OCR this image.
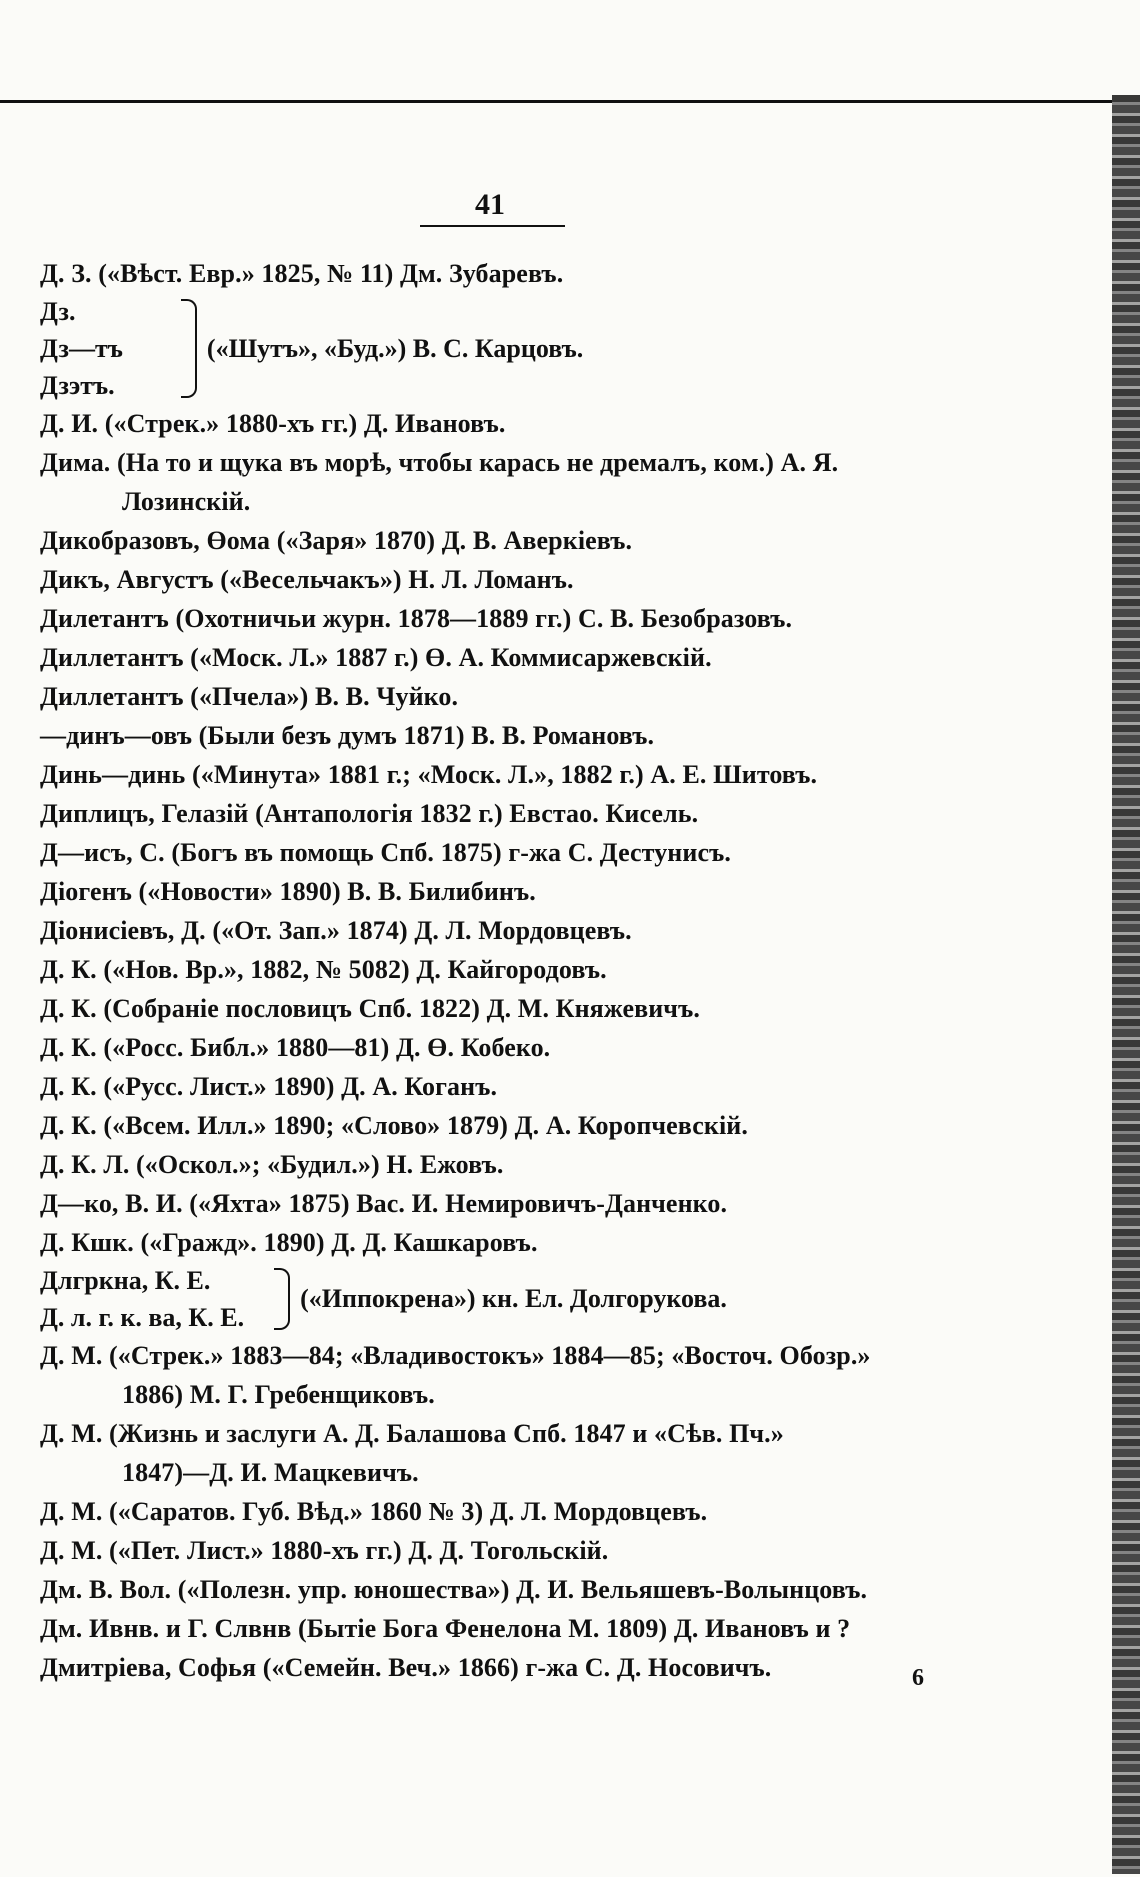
41
Д. З. («Вѣст. Евр.» 1825, № 11) Дм. Зубаревъ.
Дз.
Дз—тъ
Дзэтъ.
(«Шутъ», «Буд.») В. С. Карцовъ.
Д. И. («Стрек.» 1880-хъ гг.) Д. Ивановъ.
Дима. (На то и щука въ морѣ, чтобы карась не дремалъ, ком.) А. Я.
Лозинскій.
Дикобразовъ, Өома («Заря» 1870) Д. В. Аверкіевъ.
Дикъ, Августъ («Весельчакъ») Н. Л. Ломанъ.
Дилетантъ (Охотничьи журн. 1878—1889 гг.) С. В. Безобразовъ.
Диллетантъ («Моск. Л.» 1887 г.) Ө. А. Коммисаржевскій.
Диллетантъ («Пчела») В. В. Чуйко.
—динъ—овъ (Были безъ думъ 1871) В. В. Романовъ.
Динь—динь («Минута» 1881 г.; «Моск. Л.», 1882 г.) А. Е. Шитовъ.
Диплицъ, Гелазій (Антапологія 1832 г.) Евстао. Кисель.
Д—исъ, С. (Богъ въ помощь Спб. 1875) г-жа С. Дестунисъ.
Діогенъ («Новости» 1890) В. В. Билибинъ.
Діонисіевъ, Д. («От. Зап.» 1874) Д. Л. Мордовцевъ.
Д. К. («Нов. Вр.», 1882, № 5082) Д. Кайгородовъ.
Д. К. (Собраніе пословицъ Спб. 1822) Д. М. Княжевичъ.
Д. К. («Росс. Библ.» 1880—81) Д. Ө. Кобеко.
Д. К. («Русс. Лист.» 1890) Д. А. Коганъ.
Д. К. («Всем. Илл.» 1890; «Слово» 1879) Д. А. Коропчевскій.
Д. К. Л. («Оскол.»; «Будил.») Н. Ежовъ.
Д—ко, В. И. («Яхта» 1875) Вас. И. Немировичъ-Данченко.
Д. Кшк. («Гражд». 1890) Д. Д. Кашкаровъ.
Длгркна, К. Е.
Д. л. г. к. ва, К. Е.
(«Иппокрена») кн. Ел. Долгорукова.
Д. М. («Стрек.» 1883—84; «Владивостокъ» 1884—85; «Восточ. Обозр.»
1886) М. Г. Гребенщиковъ.
Д. М. (Жизнь и заслуги А. Д. Балашова Спб. 1847 и «Сѣв. Пч.»
1847)—Д. И. Мацкевичъ.
Д. М. («Саратов. Губ. Вѣд.» 1860 № 3) Д. Л. Мордовцевъ.
Д. М. («Пет. Лист.» 1880-хъ гг.) Д. Д. Тогольскій.
Дм. В. Вол. («Полезн. упр. юношества») Д. И. Вельяшевъ-Волынцовъ.
Дм. Ивнв. и Г. Слвнв (Бытіе Бога Фенелона М. 1809) Д. Ивановъ и ?
Дмитріева, Софья («Семейн. Веч.» 1866) г-жа С. Д. Носовичъ.	6
